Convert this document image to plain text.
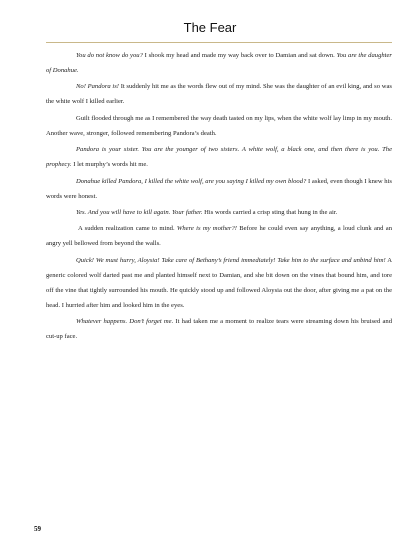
The Fear

You do not know do you? I shook my head and made my way back over to Damian and sat down. You are the daughter of Donahue.

No! Pandora is! It suddenly hit me as the words flew out of my mind. She was the daughter of an evil king, and so was the white wolf I killed earlier.

Guilt flooded through me as I remembered the way death tasted on my lips, when the white wolf lay limp in my mouth. Another wave, stronger, followed remembering Pandora’s death.

Pandora is your sister. You are the younger of two sisters. A white wolf, a black one, and then there is you. The prophecy. I let murphy’s words hit me.

Donahue killed Pandora, I killed the white wolf, are you saying I killed my own blood? I asked, even though I knew his words were honest.

Yes. And you will have to kill again. Your father. His words carried a crisp sting that hung in the air.

A sudden realization came to mind. Where is my mother?! Before he could even say anything, a loud clunk and an angry yell bellowed from beyond the walls.

Quick! We must hurry, Aloysia! Take care of Bethany’s friend immediately! Take him to the surface and unbind him! A generic colored wolf darted past me and planted himself next to Damian, and she bit down on the vines that bound him, and tore off the vine that tightly surrounded his mouth. He quickly stood up and followed Aloysia out the door, after giving me a pat on the head. I hurried after him and looked him in the eyes.

Whatever happens. Don’t forget me. It had taken me a moment to realize tears were streaming down his bruised and cut-up face.

59
